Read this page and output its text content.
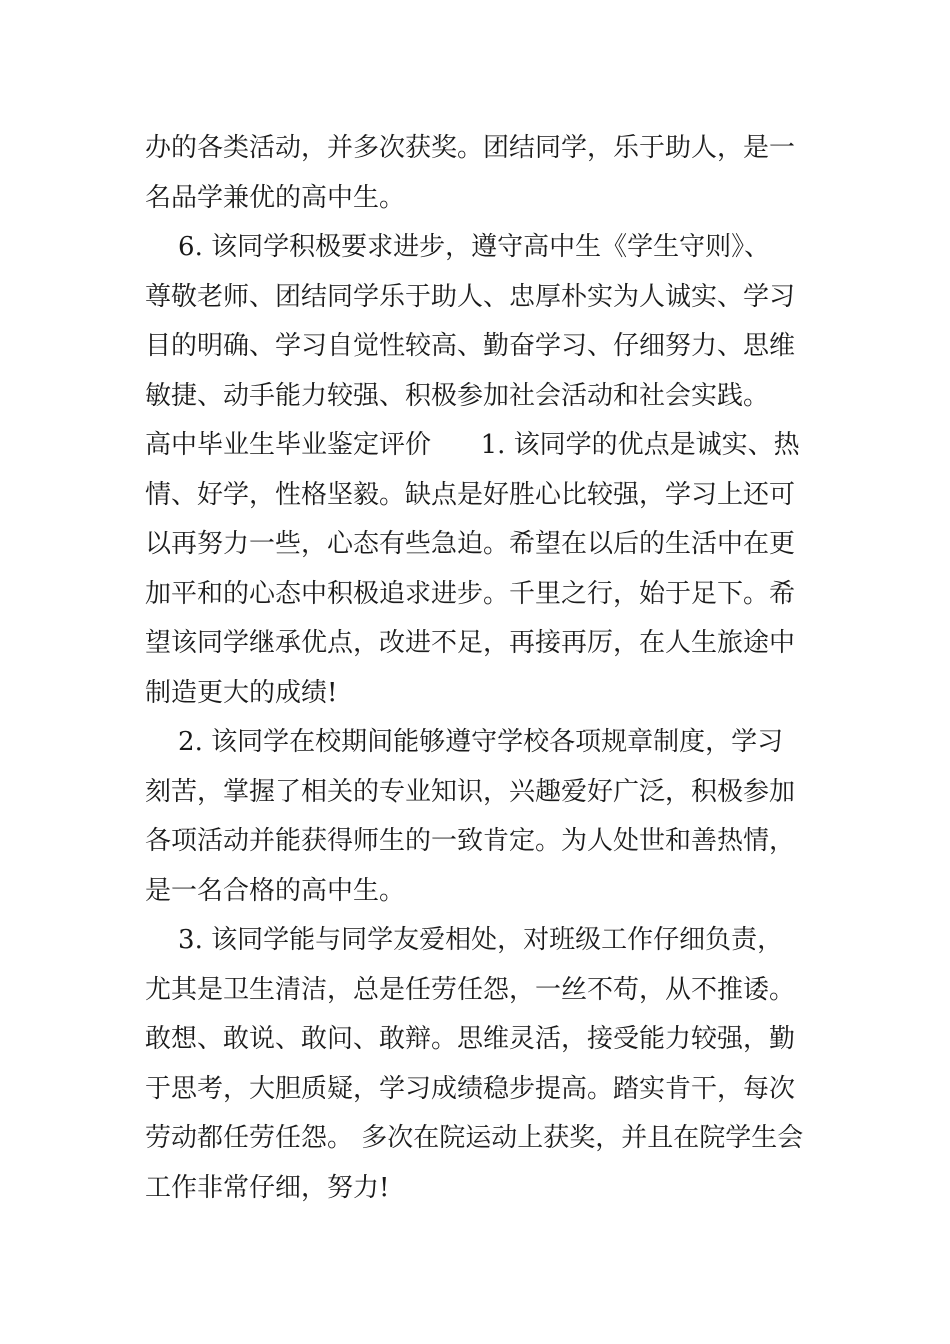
办的各类活动，并多次获奖。团结同学，乐于助人，是一
名品学兼优的高中生。
6. 该同学积极要求进步，遵守高中生《学生守则》、
尊敬老师、团结同学乐于助人、忠厚朴实为人诚实、学习
目的明确、学习自觉性较高、勤奋学习、仔细努力、思维
敏捷、动手能力较强、积极参加社会活动和社会实践。
高中毕业生毕业鉴定评价      1. 该同学的优点是诚实、热
情、好学，性格坚毅。缺点是好胜心比较强，学习上还可
以再努力一些，心态有些急迫。希望在以后的生活中在更
加平和的心态中积极追求进步。千里之行，始于足下。希
望该同学继承优点，改进不足，再接再厉，在人生旅途中
制造更大的成绩!
2. 该同学在校期间能够遵守学校各项规章制度，学习
刻苦，掌握了相关的专业知识，兴趣爱好广泛，积极参加
各项活动并能获得师生的一致肯定。为人处世和善热情，
是一名合格的高中生。
3. 该同学能与同学友爱相处，对班级工作仔细负责，
尤其是卫生清洁，总是任劳任怨，一丝不苟，从不推诿。
敢想、敢说、敢问、敢辩。思维灵活，接受能力较强，勤
于思考，大胆质疑，学习成绩稳步提高。踏实肯干，每次
劳动都任劳任怨。 多次在院运动上获奖，并且在院学生会
工作非常仔细，努力!
